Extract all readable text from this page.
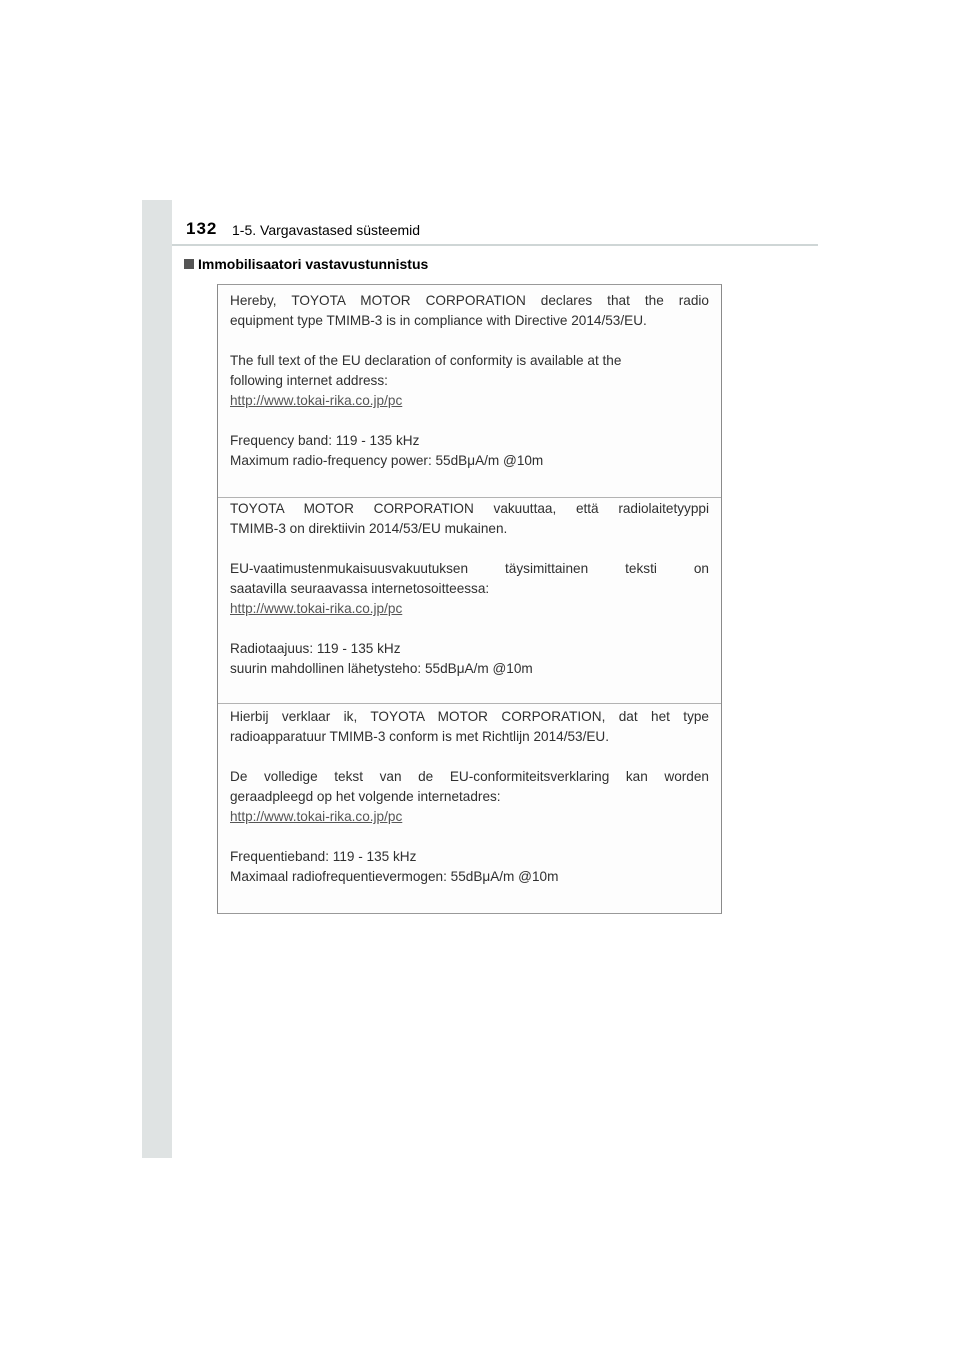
132 1-5. Vargavastased süsteemid
Immobilisaatori vastavustunnistus

Hereby, TOYOTA MOTOR CORPORATION declares that the radio
equipment type TMIMB-3 is in compliance with Directive 2014/53/EU.

The full text of the EU declaration of conformity is available at the
following internet address:
http://www.tokai-rika.co.jp/pc

Frequency band: 119 - 135 kHz
Maximum radio-frequency power: 55dBμA/m @10m

TOYOTA MOTOR CORPORATION vakuuttaa, että radiolaitetyyppi
TMIMB-3 on direktiivin 2014/53/EU mukainen.

EU-vaatimustenmukaisuusvakuutuksen täysimittainen teksti on
saatavilla seuraavassa internetosoitteessa:
http://www.tokai-rika.co.jp/pc

Radiotaajuus: 119 - 135 kHz
suurin mahdollinen lähetysteho: 55dBμA/m @10m

Hierbij verklaar ik, TOYOTA MOTOR CORPORATION, dat het type
radioapparatuur TMIMB-3 conform is met Richtlijn 2014/53/EU.

De volledige tekst van de EU-conformiteitsverklaring kan worden
geraadpleegd op het volgende internetadres:
http://www.tokai-rika.co.jp/pc

Frequentieband: 119 - 135 kHz
Maximaal radiofrequentievermogen: 55dBμA/m @10m
